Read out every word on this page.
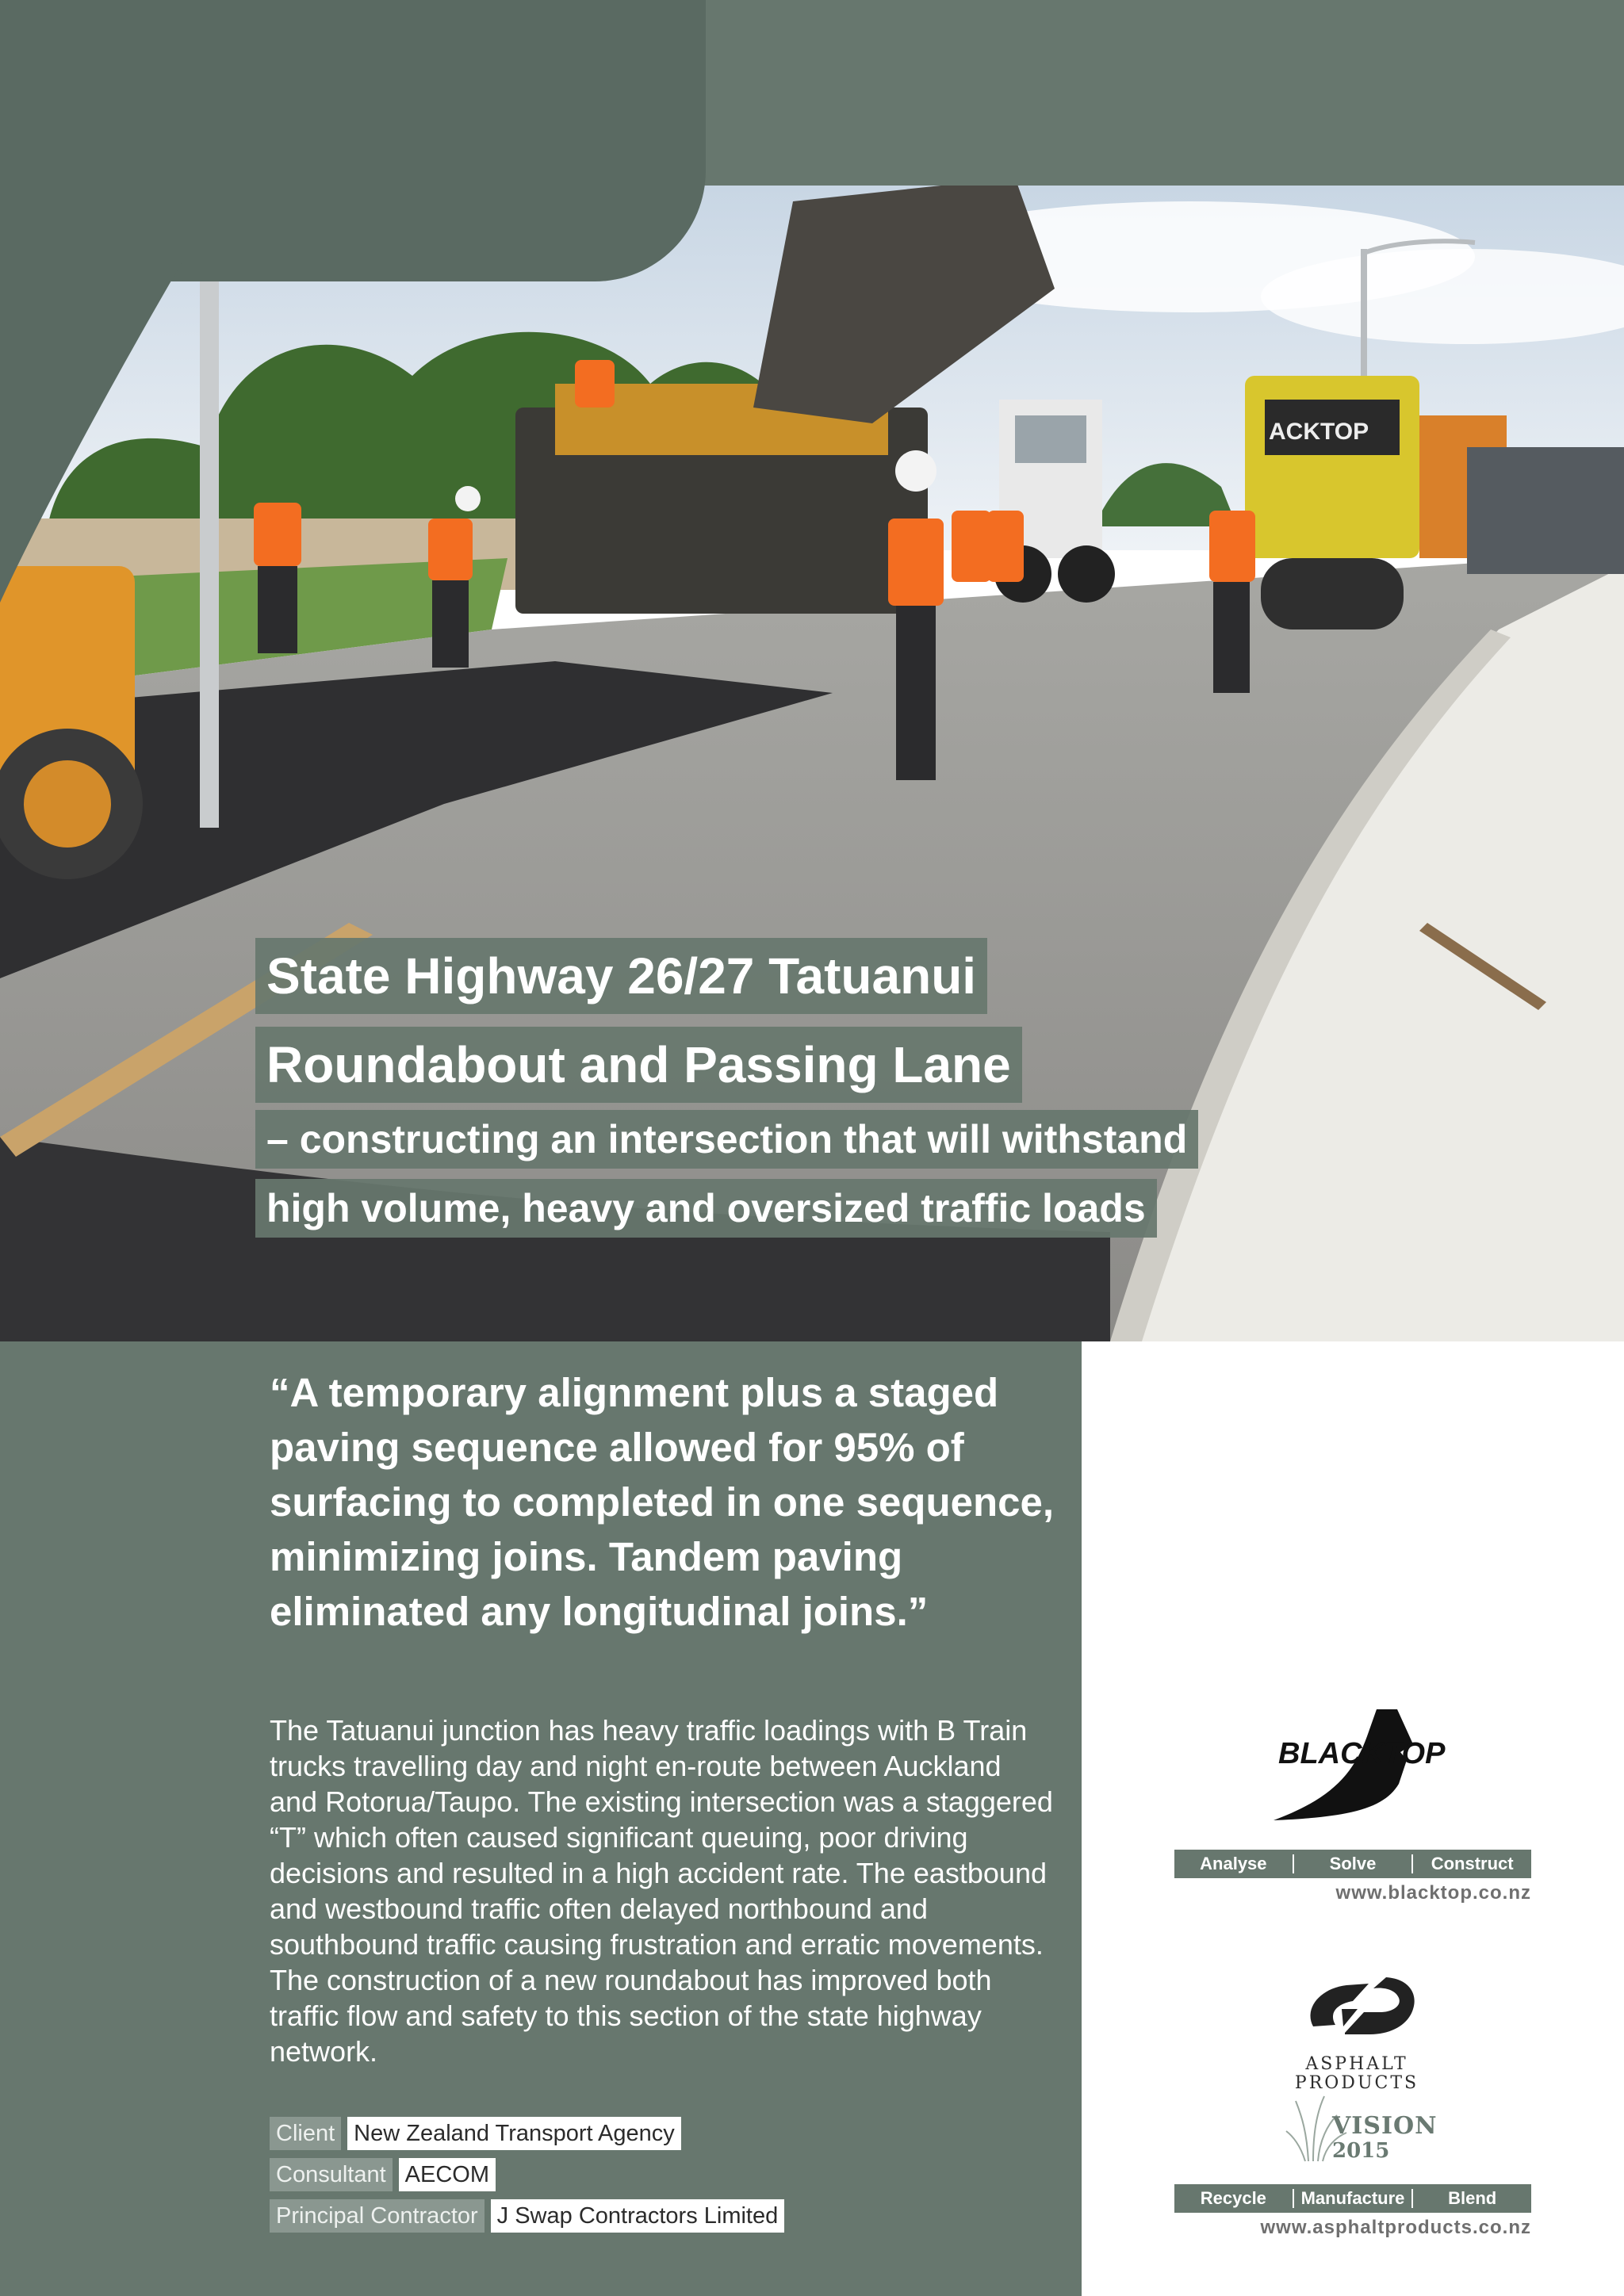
ACKTOP
State Highway 26/27 Tatuanui
Roundabout and Passing Lane
– constructing an intersection that will withstand
high volume, heavy and oversized traffic loads

“A temporary alignment plus a staged paving sequence allowed for 95% of surfacing to completed in one sequence, minimizing joins. Tandem paving eliminated any longitudinal joins.”

The Tatuanui junction has heavy traffic loadings with B Train trucks travelling day and night en-route between Auckland and Rotorua/Taupo. The existing intersection was a staggered “T” which often caused significant queuing, poor driving decisions and resulted in a high accident rate. The eastbound and westbound traffic often delayed northbound and southbound traffic causing frustration and erratic movements. The construction of a new roundabout has improved both traffic flow and safety to this section of the state highway network.

Client New Zealand Transport Agency
Consultant AECOM
Principal Contractor J Swap Contractors Limited
BLACKTOP
Analyse	Solve	Construct
www.blacktop.co.nz
ASPHALT
PRODUCTS
VISION
2015
Recycle	Manufacture	Blend
www.asphaltproducts.co.nz
